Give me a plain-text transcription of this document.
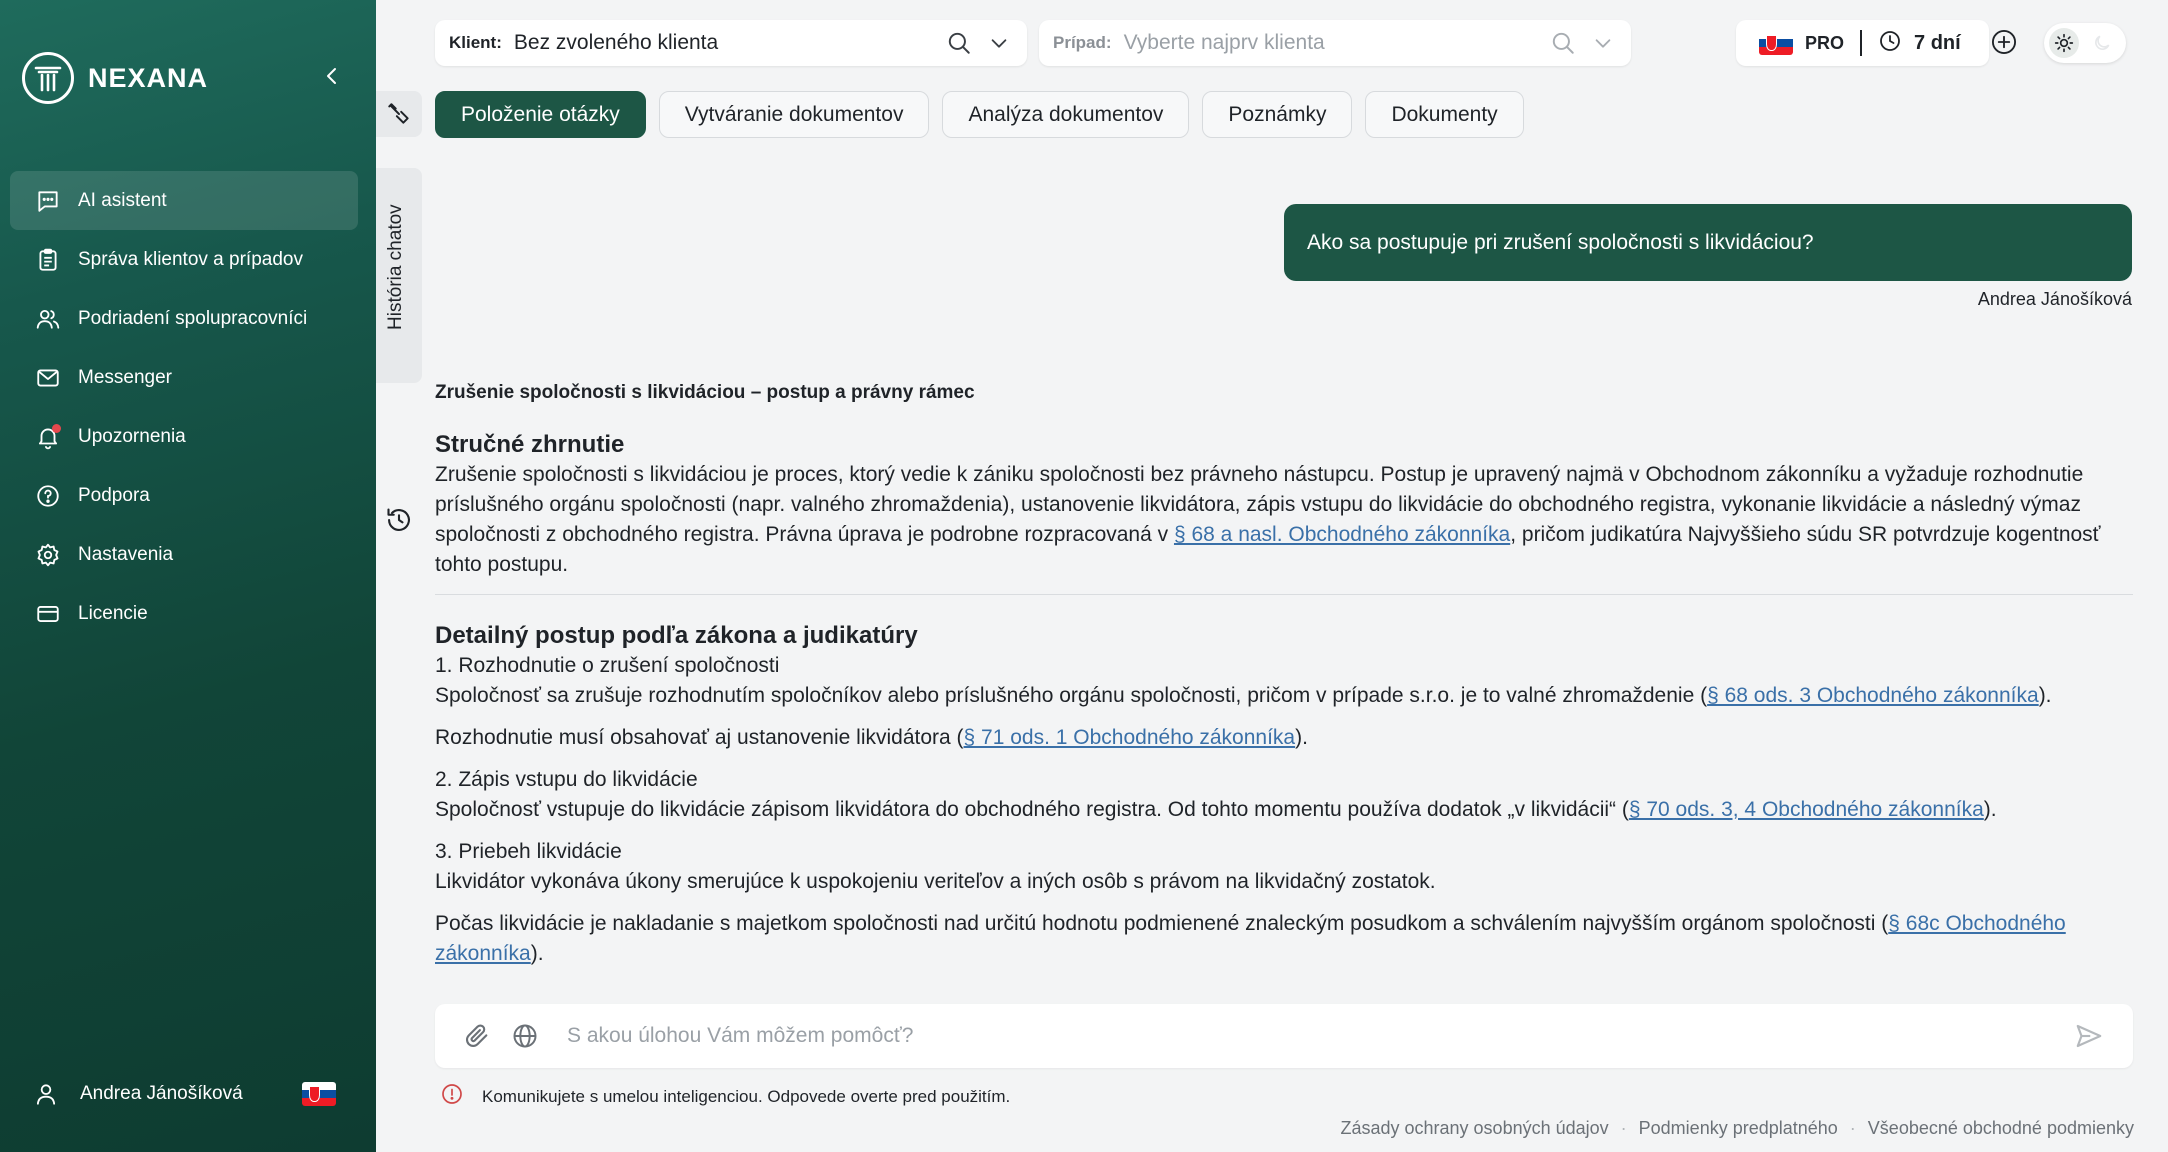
NEXANA
AI asistent
Správa klientov a prípadov
Podriadení spolupracovníci
Messenger
Upozornenia
Podpora
Nastavenia
Licencie
Andrea Jánošíková
Klient: Bez zvoleného klienta	Prípad: Vyberte najprv klienta	PRO	7 dní
Položenie otázky	Vytváranie dokumentov	Analýza dokumentov	Poznámky	Dokumenty
História chatov	Ako sa postupuje pri zrušení spoločnosti s likvidáciou?
Andrea Jánošíková
Zrušenie spoločnosti s likvidáciou – postup a právny rámec
Stručné zhrnutie

Zrušenie spoločnosti s likvidáciou je proces, ktorý vedie k zániku spoločnosti bez právneho nástupcu. Postup je upravený najmä v Obchodnom zákonníku a vyžaduje rozhodnutie príslušného orgánu spoločnosti (napr. valného zhromaždenia), ustanovenie likvidátora, zápis vstupu do likvidácie do obchodného registra, vykonanie likvidácie a následný výmaz spoločnosti z obchodného registra. Právna úprava je podrobne rozpracovaná v § 68 a nasl. Obchodného zákonníka, pričom judikatúra Najvyššieho súdu SR potvrdzuje kogentnosť tohto postupu.

Detailný postup podľa zákona a judikatúry
1. Rozhodnutie o zrušení spoločnosti

Spoločnosť sa zrušuje rozhodnutím spoločníkov alebo príslušného orgánu spoločnosti, pričom v prípade s.r.o. je to valné zhromaždenie (§ 68 ods. 3 Obchodného zákonníka).

Rozhodnutie musí obsahovať aj ustanovenie likvidátora (§ 71 ods. 1 Obchodného zákonníka).

2. Zápis vstupu do likvidácie

Spoločnosť vstupuje do likvidácie zápisom likvidátora do obchodného registra. Od tohto momentu používa dodatok „v likvidácii“ (§ 70 ods. 3, 4 Obchodného zákonníka).

3. Priebeh likvidácie

Likvidátor vykonáva úkony smerujúce k uspokojeniu veriteľov a iných osôb s právom na likvidačný zostatok.

Počas likvidácie je nakladanie s majetkom spoločnosti nad určitú hodnotu podmienené znaleckým posudkom a schválením najvyšším orgánom spoločnosti (§ 68c Obchodného zákonníka).

S akou úlohou Vám môžem pomôcť?
Komunikujete s umelou inteligenciou. Odpovede overte pred použitím.
Zásady ochrany osobných údajov · Podmienky predplatného · Všeobecné obchodné podmienky
